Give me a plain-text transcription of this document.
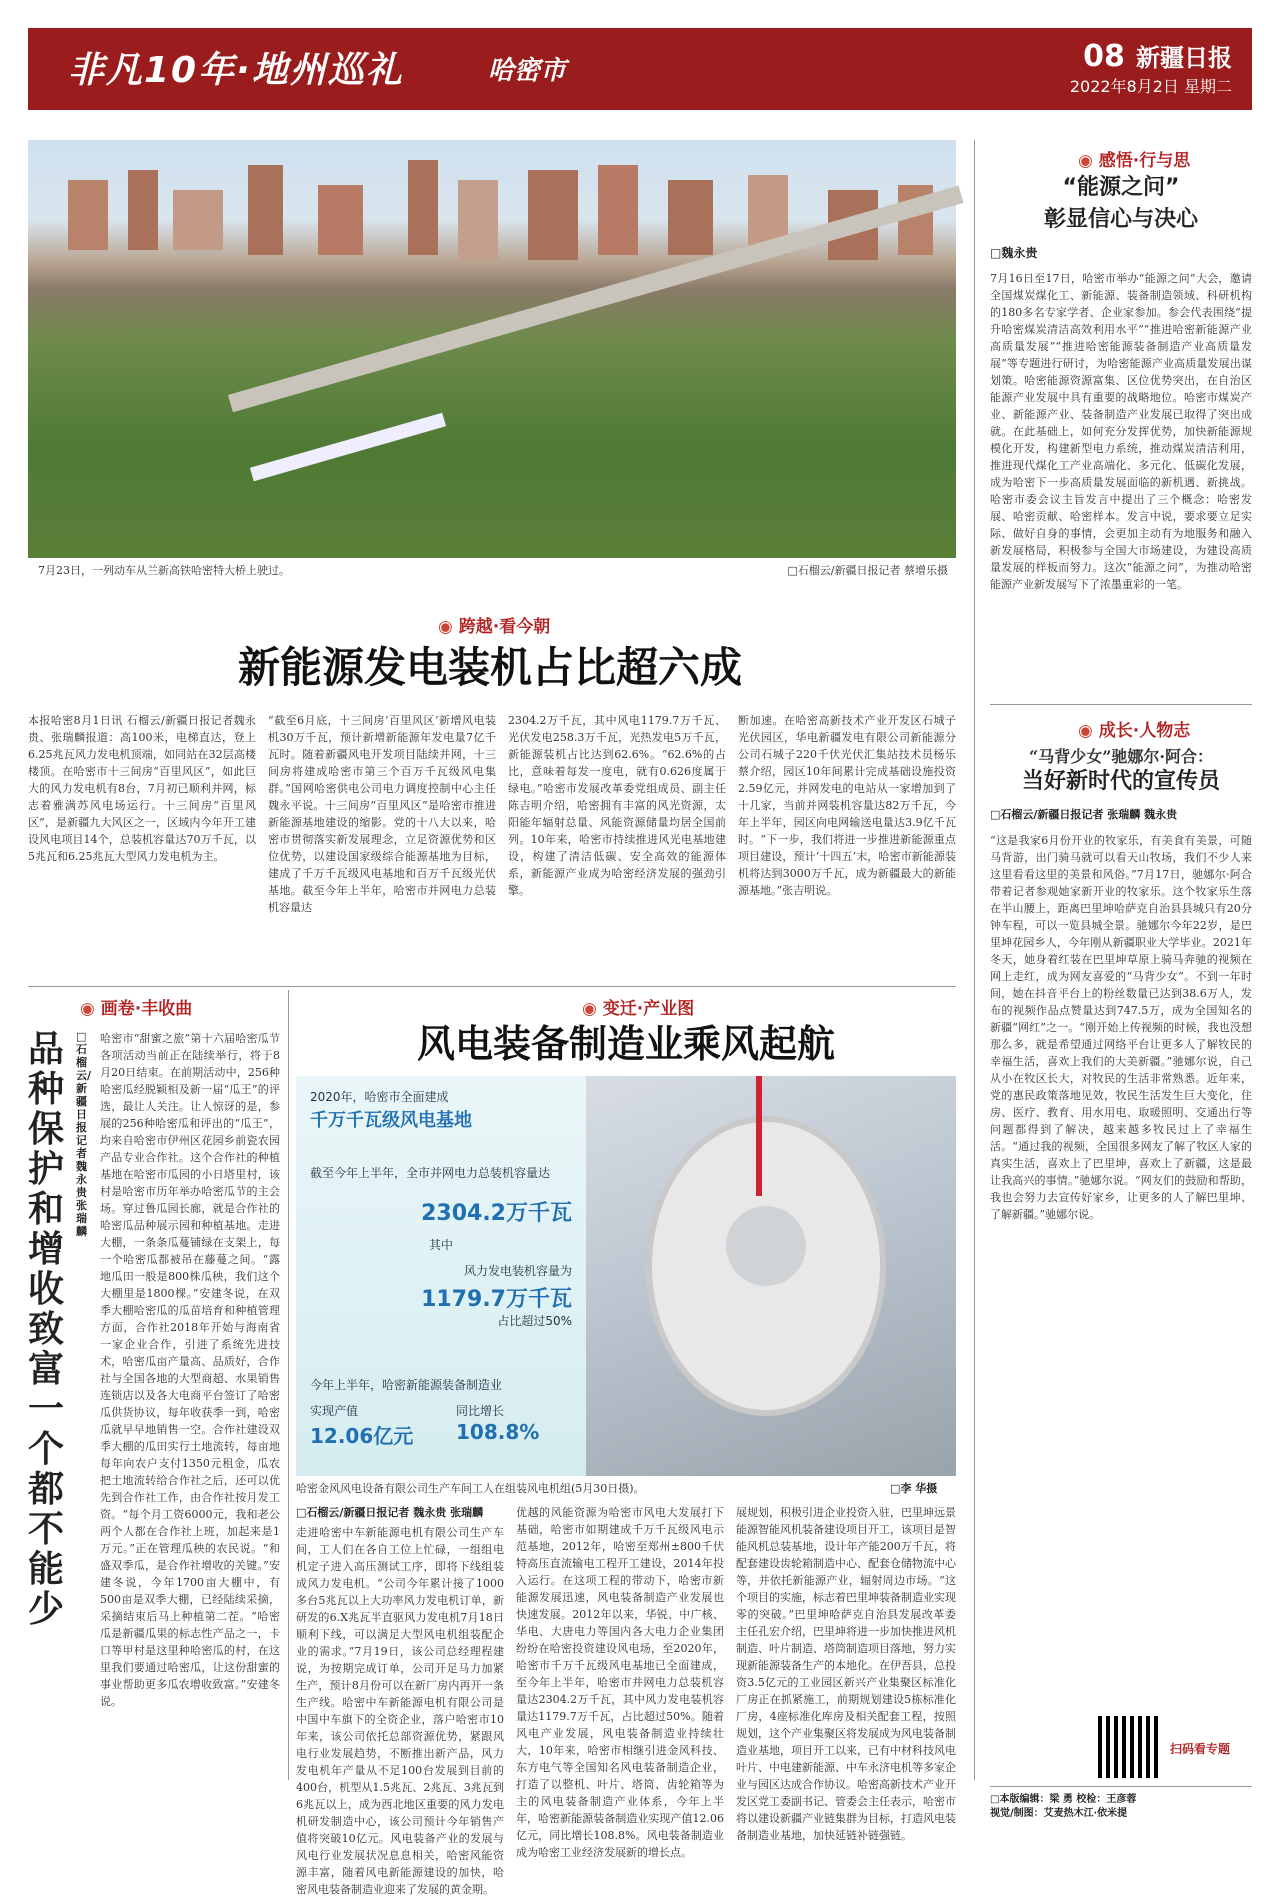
非凡10年·地州巡礼	哈密市	08 新疆日报
2022年8月2日 星期二
7月23日，一列动车从兰新高铁哈密特大桥上驶过。	□石榴云/新疆日报记者 蔡增乐摄
◉ 跨越·看今朝
新能源发电装机占比超六成
本报哈密8月1日讯 石榴云/新疆日报记者魏永贵、张瑞麟报道：高100米，电梯直达，登上6.25兆瓦风力发电机顶端，如同站在32层高楼楼顶。在哈密市十三间房“百里风区”，如此巨大的风力发电机有8台，7月初已顺利并网，标志着雅满苏风电场运行。十三间房“百里风区”，是新疆九大风区之一，区域内今年开工建设风电项目14个，总装机容量达70万千瓦，以5兆瓦和6.25兆瓦大型风力发电机为主。
“截至6月底，十三间房‘百里风区’新增风电装机30万千瓦，预计新增新能源年发电量7亿千瓦时。随着新疆风电开发项目陆续并网，十三间房将建成哈密市第三个百万千瓦级风电集群。”国网哈密供电公司电力调度控制中心主任魏永平说。十三间房“百里风区”是哈密市推进新能源基地建设的缩影。党的十八大以来，哈密市贯彻落实新发展理念，立足资源优势和区位优势，以建设国家级综合能源基地为目标，建成了千万千瓦级风电基地和百万千瓦级光伏基地。截至今年上半年，哈密市并网电力总装机容量达
2304.2万千瓦，其中风电1179.7万千瓦、光伏发电258.3万千瓦，光热发电5万千瓦，新能源装机占比达到62.6%。“62.6%的占比，意味着每发一度电，就有0.626度属于绿电。”哈密市发展改革委党组成员、副主任陈吉明介绍，哈密拥有丰富的风光资源，太阳能年辐射总量、风能资源储量均居全国前列。10年来，哈密市持续推进风光电基地建设，构建了清洁低碳、安全高效的能源体系，新能源产业成为哈密经济发展的强劲引擎。
断加速。在哈密高新技术产业开发区石城子光伏园区，华电新疆发电有限公司新能源分公司石城子220千伏光伏汇集站技术员杨乐蔡介绍，园区10年间累计完成基础设施投资2.59亿元，并网发电的电站从一家增加到了十几家，当前并网装机容量达82万千瓦，今年上半年，园区向电网输送电量达3.9亿千瓦时。“下一步，我们将进一步推进新能源重点项目建设，预计‘十四五’末，哈密市新能源装机将达到3000万千瓦，成为新疆最大的新能源基地。”张吉明说。
◉ 感悟·行与思
“能源之问”
彰显信心与决心
□魏永贵
7月16日至17日，哈密市举办“能源之问”大会，邀请全国煤炭煤化工、新能源、装备制造领域、科研机构的180多名专家学者、企业家参加。参会代表围绕“提升哈密煤炭清洁高效利用水平”“推进哈密新能源产业高质量发展”“推进哈密能源装备制造产业高质量发展”等专题进行研讨，为哈密能源产业高质量发展出谋划策。哈密能源资源富集、区位优势突出，在自治区能源产业发展中具有重要的战略地位。哈密市煤炭产业、新能源产业、装备制造产业发展已取得了突出成就。在此基础上，如何充分发挥优势，加快新能源规模化开发，构建新型电力系统，推动煤炭清洁利用，推进现代煤化工产业高端化、多元化、低碳化发展，成为哈密下一步高质量发展面临的新机遇、新挑战。哈密市委会议主旨发言中提出了三个概念：哈密发展、哈密贡献、哈密样本。发言中说，要求要立足实际、做好自身的事情，会更加主动有为地服务和融入新发展格局，积极参与全国大市场建设，为建设高质量发展的样板而努力。这次“能源之问”，为推动哈密能源产业新发展写下了浓墨重彩的一笔。
◉ 成长·人物志
“马背少女”驰娜尔·阿合：
当好新时代的宣传员
□石榴云/新疆日报记者 张瑞麟 魏永贵
“这是我家6月份开业的牧家乐，有美食有美景，可随马背游，出门骑马就可以看天山牧场，我们不少人来这里看看这里的美景和风俗。”7月17日，驰娜尔·阿合带着记者参观她家新开业的牧家乐。这个牧家乐生落在半山腰上，距离巴里坤哈萨克自治县县城只有20分钟车程，可以一览县城全景。驰娜尔今年22岁，是巴里坤花园乡人，今年刚从新疆职业大学毕业。2021年冬天，她身着红装在巴里坤草原上骑马奔驰的视频在网上走红，成为网友喜爱的“马背少女”。不到一年时间，她在抖音平台上的粉丝数量已达到38.6万人，发布的视频作品点赞量达到747.5万，成为全国知名的新疆“网红”之一。“刚开始上传视频的时候，我也没想那么多，就是希望通过网络平台让更多人了解牧民的幸福生活，喜欢上我们的大美新疆。”驰娜尔说，自己从小在牧区长大，对牧民的生活非常熟悉。近年来，党的惠民政策落地见效，牧民生活发生巨大变化，住房、医疗、教育、用水用电、取暖照明、交通出行等问题都得到了解决，越来越多牧民过上了幸福生活。“通过我的视频，全国很多网友了解了牧区人家的真实生活，喜欢上了巴里坤，喜欢上了新疆，这是最让我高兴的事情。”驰娜尔说。“网友们的鼓励和帮助，我也会努力去宣传好家乡，让更多的人了解巴里坤、了解新疆。”驰娜尔说。
扫码看专题
□本版编辑：梁 勇 校检：王彦蓉
视觉/制图：艾麦热木江·依米提
◉ 画卷·丰收曲
品种保护和增收致富一个都不能少
□石榴云/新疆日报记者 魏永贵 张瑞麟
哈密市“甜蜜之旅”第十六届哈密瓜节各项活动当前正在陆续举行，将于8月20日结束。在前期活动中，256种哈密瓜经脱颖相及新一届“瓜王”的评选，最让人关注。让人惊讶的是，参展的256种哈密瓜和评出的“瓜王”，均来自哈密市伊州区花园乡前瓷农园产品专业合作社。这个合作社的种植基地在哈密市瓜园的小日塔里村，该村是哈密市历年举办哈密瓜节的主会场。穿过鲁瓜园长廊，就是合作社的哈密瓜品种展示园和种植基地。走进大棚，一条条瓜蔓铺绿在支架上，每一个哈密瓜都被吊在藤蔓之间。“露地瓜田一般是800株瓜秧，我们这个大棚里是1800棵。”安建冬说，在双季大棚哈密瓜的瓜苗培育和种植管理方面，合作社2018年开始与海南省一家企业合作，引进了系统先进技术，哈密瓜亩产量高、品质好，合作社与全国各地的大型商超、水果销售连锁店以及各大电商平台签订了哈密瓜供货协议，每年收获季一到，哈密瓜就早早地销售一空。合作社建设双季大棚的瓜田实行土地流转，每亩地每年向农户支付1350元租金，瓜农把土地流转给合作社之后，还可以优先到合作社工作，由合作社按月发工资。“每个月工资6000元，我和老公两个人都在合作社上班，加起来是1万元。”正在管理瓜秧的农民说。“和盛双季瓜，是合作社增收的关键。”安建冬说，今年1700亩大棚中，有500亩是双季大棚，已经陆续采摘，采摘结束后马上种植第二茬。“哈密瓜是新疆瓜果的标志性产品之一，卡口等甲村是这里种哈密瓜的村，在这里我们要通过哈密瓜，让这份甜蜜的事业帮助更多瓜农增收致富。”安建冬说。
◉ 变迁·产业图
风电装备制造业乘风起航
2020年，哈密市全面建成
千万千瓦级风电基地
截至今年上半年，全市并网电力总装机容量达
2304.2万千瓦
其中
风力发电装机容量为
1179.7万千瓦
占比超过50%
今年上半年，哈密新能源装备制造业
实现产值
12.06亿元
同比增长
108.8%
哈密金风风电设备有限公司生产车间工人在组装风电机组(5月30日摄)。	□李 华摄
□石榴云/新疆日报记者 魏永贵 张瑞麟
走进哈密中车新能源电机有限公司生产车间，工人们在各自工位上忙碌，一组组电机定子进入高压测试工序，即将下线组装成风力发电机。“公司今年累计接了1000多台5兆瓦以上大功率风力发电机订单，新研发的6.X兆瓦半直驱风力发电机7月18日顺利下线，可以满足大型风电机组装配企业的需求。”7月19日，该公司总经理程建说，为按期完成订单，公司开足马力加紧生产，预计8月份可以在新厂房内再开一条生产线。哈密中车新能源电机有限公司是中国中车旗下的全资企业，落户哈密市10年来，该公司依托总部资源优势，紧跟风电行业发展趋势，不断推出新产品，风力发电机年产量从不足100台发展到目前的400台，机型从1.5兆瓦、2兆瓦、3兆瓦到6兆瓦以上，成为西北地区重要的风力发电机研发制造中心，该公司预计今年销售产值将突破10亿元。风电装备产业的发展与风电行业发展状况息息相关，哈密风能资源丰富，随着风电新能源建设的加快，哈密风电装备制造业迎来了发展的黄金期。
优越的风能资源为哈密市风电大发展打下基础，哈密市如期建成千万千瓦级风电示范基地，2012年，哈密至郑州±800千伏特高压直流输电工程开工建设，2014年投入运行。在这项工程的带动下，哈密市新能源发展迅速，风电装备制造产业发展也快速发展。2012年以来，华锐、中广核、华电、大唐电力等国内各大电力企业集团纷纷在哈密投资建设风电场，至2020年，哈密市千万千瓦级风电基地已全面建成，至今年上半年，哈密市并网电力总装机容量达2304.2万千瓦，其中风力发电装机容量达1179.7万千瓦，占比超过50%。随着风电产业发展，风电装备制造业持续壮大，10年来，哈密市相继引进金风科技、东方电气等全国知名风电装备制造企业，打造了以整机、叶片、塔筒、齿轮箱等为主的风电装备制造产业体系，今年上半年，哈密新能源装备制造业实现产值12.06亿元，同比增长108.8%。风电装备制造业成为哈密工业经济发展新的增长点。
展规划，积极引进企业投资入驻，巴里坤远景能源智能风机装备建设项目开工，该项目是智能风机总装基地，设计年产能200万千瓦，将配套建设齿轮箱制造中心、配套仓储物流中心等，并依托新能源产业，辐射周边市场。“这个项目的实施，标志着巴里坤装备制造业实现零的突破。”巴里坤哈萨克自治县发展改革委主任孔宏介绍，巴里坤将进一步加快推进风机制造、叶片制造、塔筒制造项目落地，努力实现新能源装备生产的本地化。在伊吾县，总投资3.5亿元的工业园区新兴产业集聚区标准化厂房正在抓紧施工，前期规划建设5栋标准化厂房，4座标准化库房及相关配套工程，按照规划，这个产业集聚区将发展成为风电装备制造业基地，项目开工以来，已有中材科技风电叶片、中电建新能源、中车永济电机等多家企业与园区达成合作协议。哈密高新技术产业开发区党工委副书记、管委会主任表示，哈密市将以建设新疆产业链集群为目标，打造风电装备制造业基地，加快延链补链强链。
